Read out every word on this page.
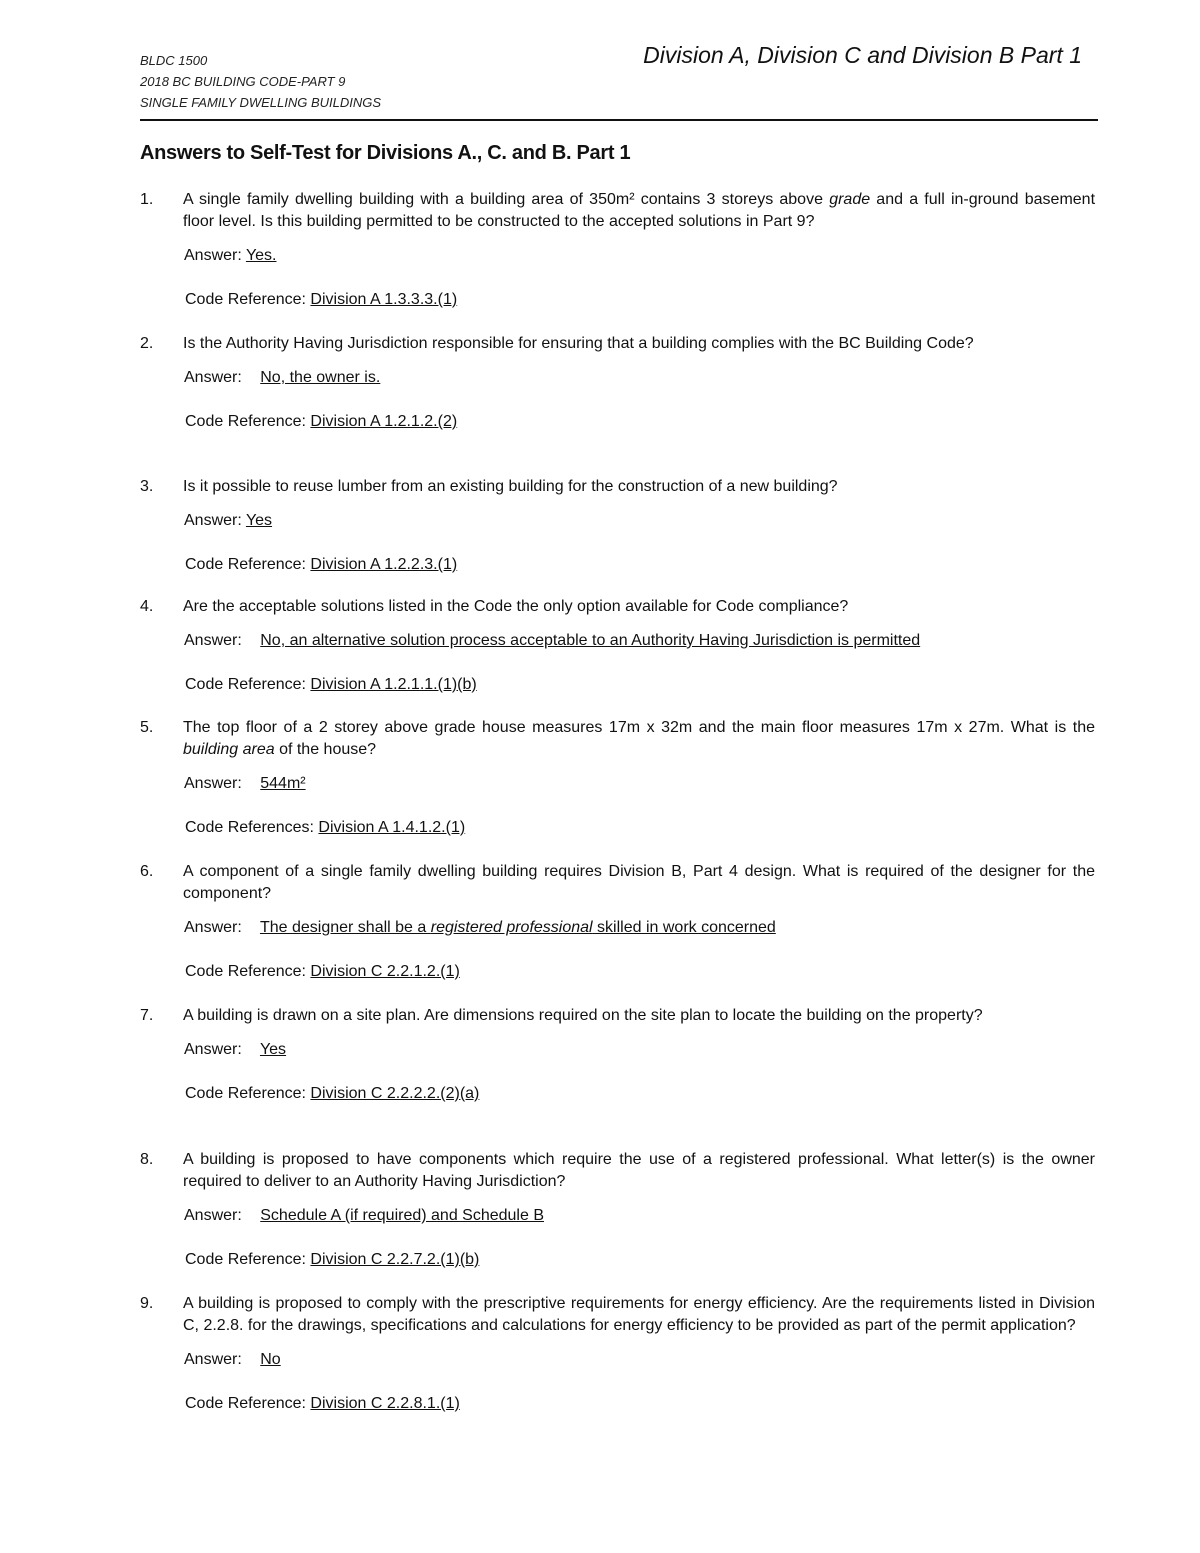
BLDC 1500
2018 BC BUILDING CODE-PART 9
SINGLE FAMILY DWELLING BUILDINGS
Division A, Division C and Division B Part 1
Answers to Self-Test for Divisions A., C. and B. Part 1
1.	A single family dwelling building with a building area of 350m² contains 3 storeys above grade and a full in-ground basement floor level. Is this building permitted to be constructed to the accepted solutions in Part 9?
Answer: Yes.
Code Reference: Division A 1.3.3.3.(1)
2.	Is the Authority Having Jurisdiction responsible for ensuring that a building complies with the BC Building Code?
Answer: No, the owner is.
Code Reference: Division A 1.2.1.2.(2)
3.	Is it possible to reuse lumber from an existing building for the construction of a new building?
Answer: Yes
Code Reference: Division A 1.2.2.3.(1)
4.	Are the acceptable solutions listed in the Code the only option available for Code compliance?
Answer: No, an alternative solution process acceptable to an Authority Having Jurisdiction is permitted
Code Reference: Division A 1.2.1.1.(1)(b)
5.	The top floor of a 2 storey above grade house measures 17m x 32m and the main floor measures 17m x 27m. What is the building area of the house?
Answer: 544m²
Code References: Division A 1.4.1.2.(1)
6.	A component of a single family dwelling building requires Division B, Part 4 design. What is required of the designer for the component?
Answer: The designer shall be a registered professional skilled in work concerned
Code Reference: Division C 2.2.1.2.(1)
7.	A building is drawn on a site plan. Are dimensions required on the site plan to locate the building on the property?
Answer: Yes
Code Reference: Division C 2.2.2.2.(2)(a)
8.	A building is proposed to have components which require the use of a registered professional. What letter(s) is the owner required to deliver to an Authority Having Jurisdiction?
Answer: Schedule A (if required) and Schedule B
Code Reference: Division C 2.2.7.2.(1)(b)
9.	A building is proposed to comply with the prescriptive requirements for energy efficiency. Are the requirements listed in Division C, 2.2.8. for the drawings, specifications and calculations for energy efficiency to be provided as part of the permit application?
Answer: No
Code Reference: Division C 2.2.8.1.(1)
